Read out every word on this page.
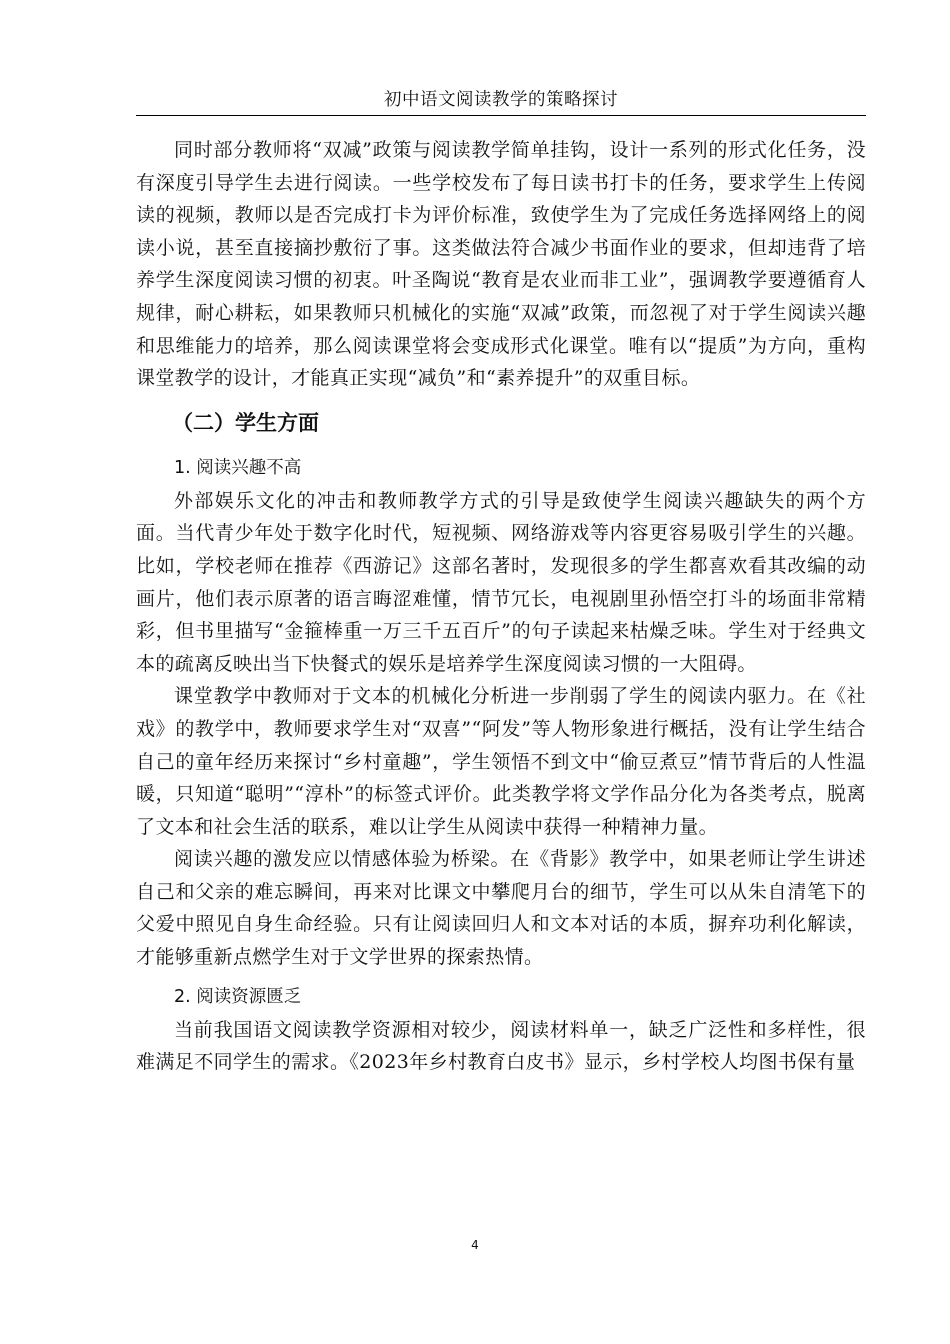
初中语文阅读教学的策略探讨

同时部分教师将“双减”政策与阅读教学简单挂钩，设计一系列的形式化任务，没有深度引导学生去进行阅读。一些学校发布了每日读书打卡的任务，要求学生上传阅读的视频，教师以是否完成打卡为评价标准，致使学生为了完成任务选择网络上的阅读小说，甚至直接摘抄敷衍了事。这类做法符合减少书面作业的要求，但却违背了培养学生深度阅读习惯的初衷。叶圣陶说“教育是农业而非工业”，强调教学要遵循育人规律，耐心耕耘，如果教师只机械化的实施“双减”政策，而忽视了对于学生阅读兴趣和思维能力的培养，那么阅读课堂将会变成形式化课堂。唯有以“提质”为方向，重构课堂教学的设计，才能真正实现“减负”和“素养提升”的双重目标。

（二）学生方面
1. 阅读兴趣不高

外部娱乐文化的冲击和教师教学方式的引导是致使学生阅读兴趣缺失的两个方面。当代青少年处于数字化时代，短视频、网络游戏等内容更容易吸引学生的兴趣。比如，学校老师在推荐《西游记》这部名著时，发现很多的学生都喜欢看其改编的动画片，他们表示原著的语言晦涩难懂，情节冗长，电视剧里孙悟空打斗的场面非常精彩，但书里描写“金箍棒重一万三千五百斤”的句子读起来枯燥乏味。学生对于经典文本的疏离反映出当下快餐式的娱乐是培养学生深度阅读习惯的一大阻碍。

课堂教学中教师对于文本的机械化分析进一步削弱了学生的阅读内驱力。在《社戏》的教学中，教师要求学生对“双喜”“阿发”等人物形象进行概括，没有让学生结合自己的童年经历来探讨“乡村童趣”，学生领悟不到文中“偷豆煮豆”情节背后的人性温暖，只知道“聪明”“淳朴”的标签式评价。此类教学将文学作品分化为各类考点，脱离了文本和社会生活的联系，难以让学生从阅读中获得一种精神力量。

阅读兴趣的激发应以情感体验为桥梁。在《背影》教学中，如果老师让学生讲述自己和父亲的难忘瞬间，再来对比课文中攀爬月台的细节，学生可以从朱自清笔下的父爱中照见自身生命经验。只有让阅读回归人和文本对话的本质，摒弃功利化解读，才能够重新点燃学生对于文学世界的探索热情。

2. 阅读资源匮乏

当前我国语文阅读教学资源相对较少，阅读材料单一，缺乏广泛性和多样性，很难满足不同学生的需求。《2023年乡村教育白皮书》显示，乡村学校人均图书保有量

4
